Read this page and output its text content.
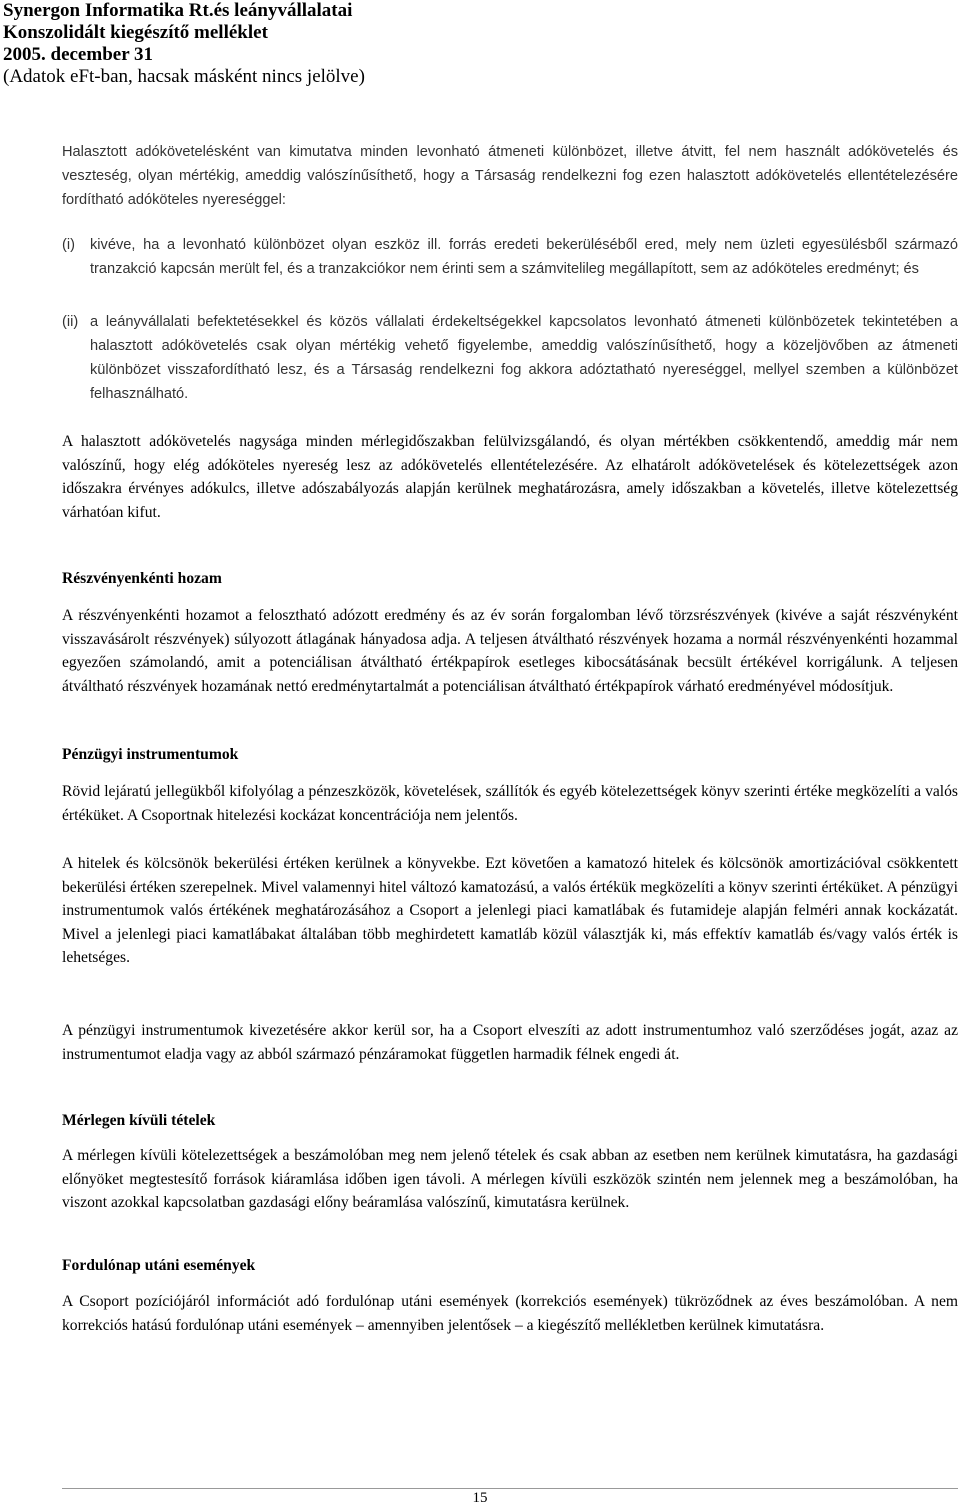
Synergon Informatika Rt.és leányvállalatai
Konszolidált kiegészítő melléklet
2005. december 31
(Adatok eFt-ban, hacsak másként nincs jelölve)

Halasztott adókövetelésként van kimutatva minden levonható átmeneti különbözet, illetve átvitt, fel nem használt adókövetelés és veszteség, olyan mértékig, ameddig valószínűsíthető, hogy a Társaság rendelkezni fog ezen halasztott adókövetelés ellentételezésére fordítható adóköteles nyereséggel:

(i) kivéve, ha a levonható különbözet olyan eszköz ill. forrás eredeti bekerüléséből ered, mely nem üzleti egyesülésből származó tranzakció kapcsán merült fel, és a tranzakciókor nem érinti sem a számvitelileg megállapított, sem az adóköteles eredményt; és
(ii) a leányvállalati befektetésekkel és közös vállalati érdekeltségekkel kapcsolatos levonható átmeneti különbözetek tekintetében a halasztott adókövetelés csak olyan mértékig vehető figyelembe, ameddig valószínűsíthető, hogy a közeljövőben az átmeneti különbözet visszafordítható lesz, és a Társaság rendelkezni fog akkora adóztatható nyereséggel, mellyel szemben a különbözet felhasználható.

A halasztott adókövetelés nagysága minden mérlegidőszakban felülvizsgálandó, és olyan mértékben csökkentendő, ameddig már nem valószínű, hogy elég adóköteles nyereség lesz az adókövetelés ellentételezésére. Az elhatárolt adókövetelések és kötelezettségek azon időszakra érvényes adókulcs, illetve adószabályozás alapján kerülnek meghatározásra, amely időszakban a követelés, illetve kötelezettség várhatóan kifut.

Részvényenkénti hozam

A részvényenkénti hozamot a felosztható adózott eredmény és az év során forgalomban lévő törzsrészvények (kivéve a saját részvényként visszavásárolt részvények) súlyozott átlagának hányadosa adja. A teljesen átváltható részvények hozama a normál részvényenkénti hozammal egyezően számolandó, amit a potenciálisan átváltható értékpapírok esetleges kibocsátásának becsült értékével korrigálunk. A teljesen átváltható részvények hozamának nettó eredménytartalmát a potenciálisan átváltható értékpapírok várható eredményével módosítjuk.

Pénzügyi instrumentumok

Rövid lejáratú jellegükből kifolyólag a pénzeszközök, követelések, szállítók és egyéb kötelezettségek könyv szerinti értéke megközelíti a valós értéküket. A Csoportnak hitelezési kockázat koncentrációja nem jelentős.

A hitelek és kölcsönök bekerülési értéken kerülnek a könyvekbe. Ezt követően a kamatozó hitelek és kölcsönök amortizációval csökkentett bekerülési értéken szerepelnek. Mivel valamennyi hitel változó kamatozású, a valós értékük megközelíti a könyv szerinti értéküket. A pénzügyi instrumentumok valós értékének meghatározásához a Csoport a jelenlegi piaci kamatlábak és futamideje alapján felméri annak kockázatát. Mivel a jelenlegi piaci kamatlábakat általában több meghirdetett kamatláb közül választják ki, más effektív kamatláb és/vagy valós érték is lehetséges.

A pénzügyi instrumentumok kivezetésére akkor kerül sor, ha a Csoport elveszíti az adott instrumentumhoz való szerződéses jogát, azaz az instrumentumot eladja vagy az abból származó pénzáramokat független harmadik félnek engedi át.

Mérlegen kívüli tételek

A mérlegen kívüli kötelezettségek a beszámolóban meg nem jelenő tételek és csak abban az esetben nem kerülnek kimutatásra, ha gazdasági előnyöket megtestesítő források kiáramlása időben igen távoli. A mérlegen kívüli eszközök szintén nem jelennek meg a beszámolóban, ha viszont azokkal kapcsolatban gazdasági előny beáramlása valószínű, kimutatásra kerülnek.

Fordulónap utáni események

A Csoport pozíciójáról információt adó fordulónap utáni események (korrekciós események) tükröződnek az éves beszámolóban. A nem korrekciós hatású fordulónap utáni események – amennyiben jelentősek – a kiegészítő mellékletben kerülnek kimutatásra.

15
